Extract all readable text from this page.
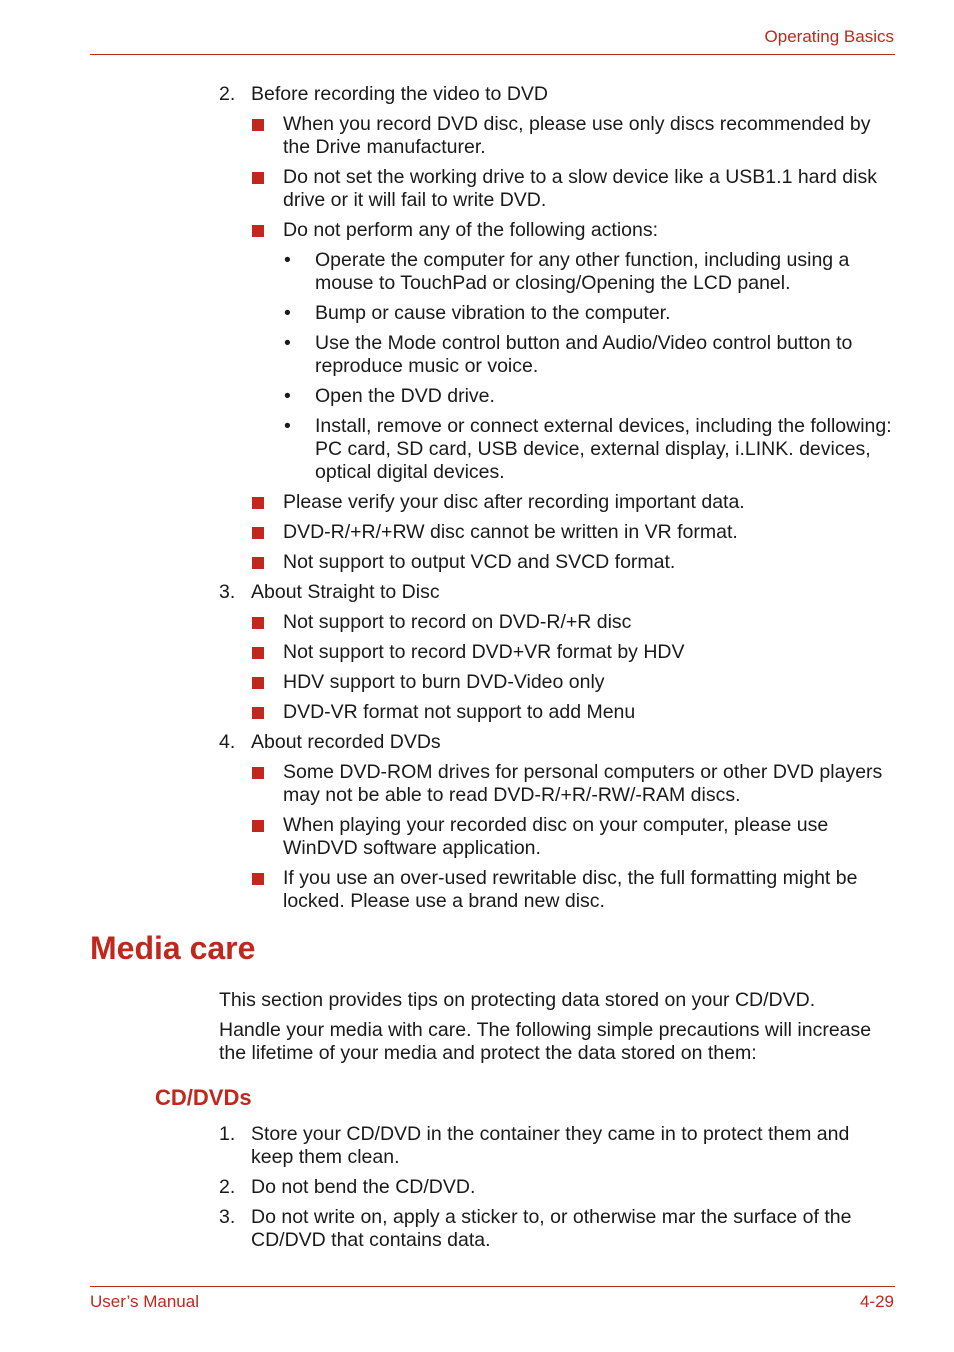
Operating Basics
2. Before recording the video to DVD
When you record DVD disc, please use only discs recommended by the Drive manufacturer.
Do not set the working drive to a slow device like a USB1.1 hard disk drive or it will fail to write DVD.
Do not perform any of the following actions:
• Operate the computer for any other function, including using a mouse to TouchPad or closing/Opening the LCD panel.
• Bump or cause vibration to the computer.
• Use the Mode control button and Audio/Video control button to reproduce music or voice.
• Open the DVD drive.
• Install, remove or connect external devices, including the following: PC card, SD card, USB device, external display, i.LINK. devices, optical digital devices.
Please verify your disc after recording important data.
DVD-R/+R/+RW disc cannot be written in VR format.
Not support to output VCD and SVCD format.
3. About Straight to Disc
Not support to record on DVD-R/+R disc
Not support to record DVD+VR format by HDV
HDV support to burn DVD-Video only
DVD-VR format not support to add Menu
4. About recorded DVDs
Some DVD-ROM drives for personal computers or other DVD players may not be able to read DVD-R/+R/-RW/-RAM discs.
When playing your recorded disc on your computer, please use WinDVD software application.
If you use an over-used rewritable disc, the full formatting might be locked. Please use a brand new disc.
Media care
This section provides tips on protecting data stored on your CD/DVD.
Handle your media with care. The following simple precautions will increase the lifetime of your media and protect the data stored on them:
CD/DVDs
1. Store your CD/DVD in the container they came in to protect them and keep them clean.
2. Do not bend the CD/DVD.
3. Do not write on, apply a sticker to, or otherwise mar the surface of the CD/DVD that contains data.
User’s Manual	4-29
